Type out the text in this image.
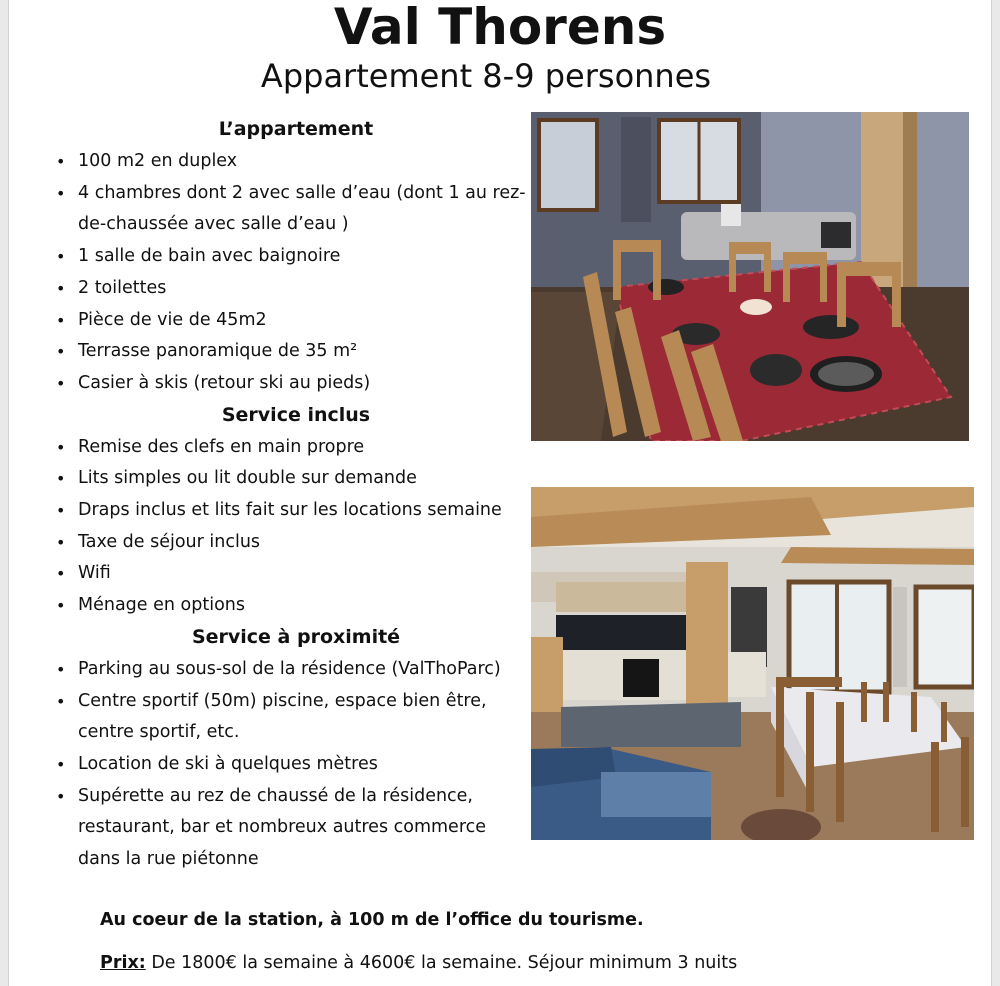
Val Thorens
Appartement 8-9 personnes
L’appartement
• 100 m2 en duplex
• 4 chambres dont 2 avec salle d’eau (dont 1 au rez-de-chaussée avec salle d’eau )
• 1 salle de bain avec baignoire
• 2 toilettes
• Pièce de vie de 45m2
• Terrasse panoramique de 35 m²
• Casier à skis (retour ski au pieds)
Service inclus
• Remise des clefs en main propre
• Lits simples ou lit double sur demande
• Draps inclus et lits fait sur les locations semaine
• Taxe de séjour inclus
• Wifi
• Ménage en options
Service à proximité
• Parking au sous-sol de la résidence (ValThoParc)
• Centre sportif (50m) piscine, espace bien être, centre sportif, etc.
• Location de ski à quelques mètres
• Supérette au rez de chaussé de la résidence, restaurant, bar et nombreux autres commerce dans la rue piétonne
Au coeur de la station, à 100 m de l’office du tourisme.
Prix: De 1800€ la semaine à 4600€ la semaine. Séjour minimum 3 nuits
